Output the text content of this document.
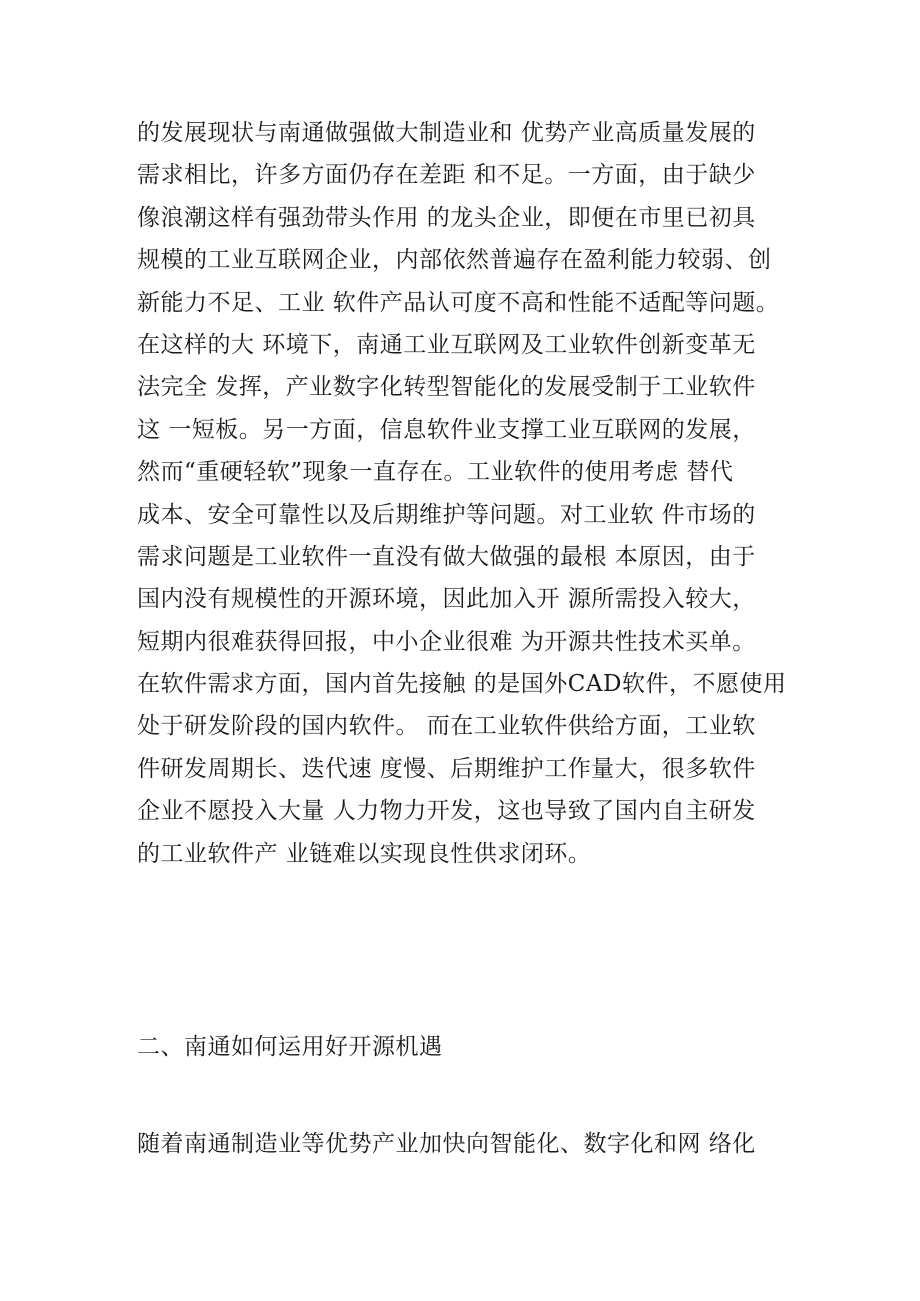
的发展现状与南通做强做大制造业和 优势产业高质量发展的
需求相比，许多方面仍存在差距 和不足。一方面，由于缺少
像浪潮这样有强劲带头作用 的龙头企业，即便在市里已初具
规模的工业互联网企业，内部依然普遍存在盈利能力较弱、创
新能力不足、工业 软件产品认可度不高和性能不适配等问题。
在这样的大 环境下，南通工业互联网及工业软件创新变革无
法完全 发挥，产业数字化转型智能化的发展受制于工业软件
这 一短板。另一方面，信息软件业支撑工业互联网的发展，
然而“重硬轻软”现象一直存在。工业软件的使用考虑 替代
成本、安全可靠性以及后期维护等问题。对工业软 件市场的
需求问题是工业软件一直没有做大做强的最根 本原因，由于
国内没有规模性的开源环境，因此加入开 源所需投入较大，
短期内很难获得回报，中小企业很难 为开源共性技术买单。
在软件需求方面，国内首先接触 的是国外CAD软件，不愿使用
处于研发阶段的国内软件。 而在工业软件供给方面，工业软
件研发周期长、迭代速 度慢、后期维护工作量大，很多软件
企业不愿投入大量 人力物力开发，这也导致了国内自主研发
的工业软件产 业链难以实现良性供求闭环。
二、南通如何运用好开源机遇
随着南通制造业等优势产业加快向智能化、数字化和网 络化
